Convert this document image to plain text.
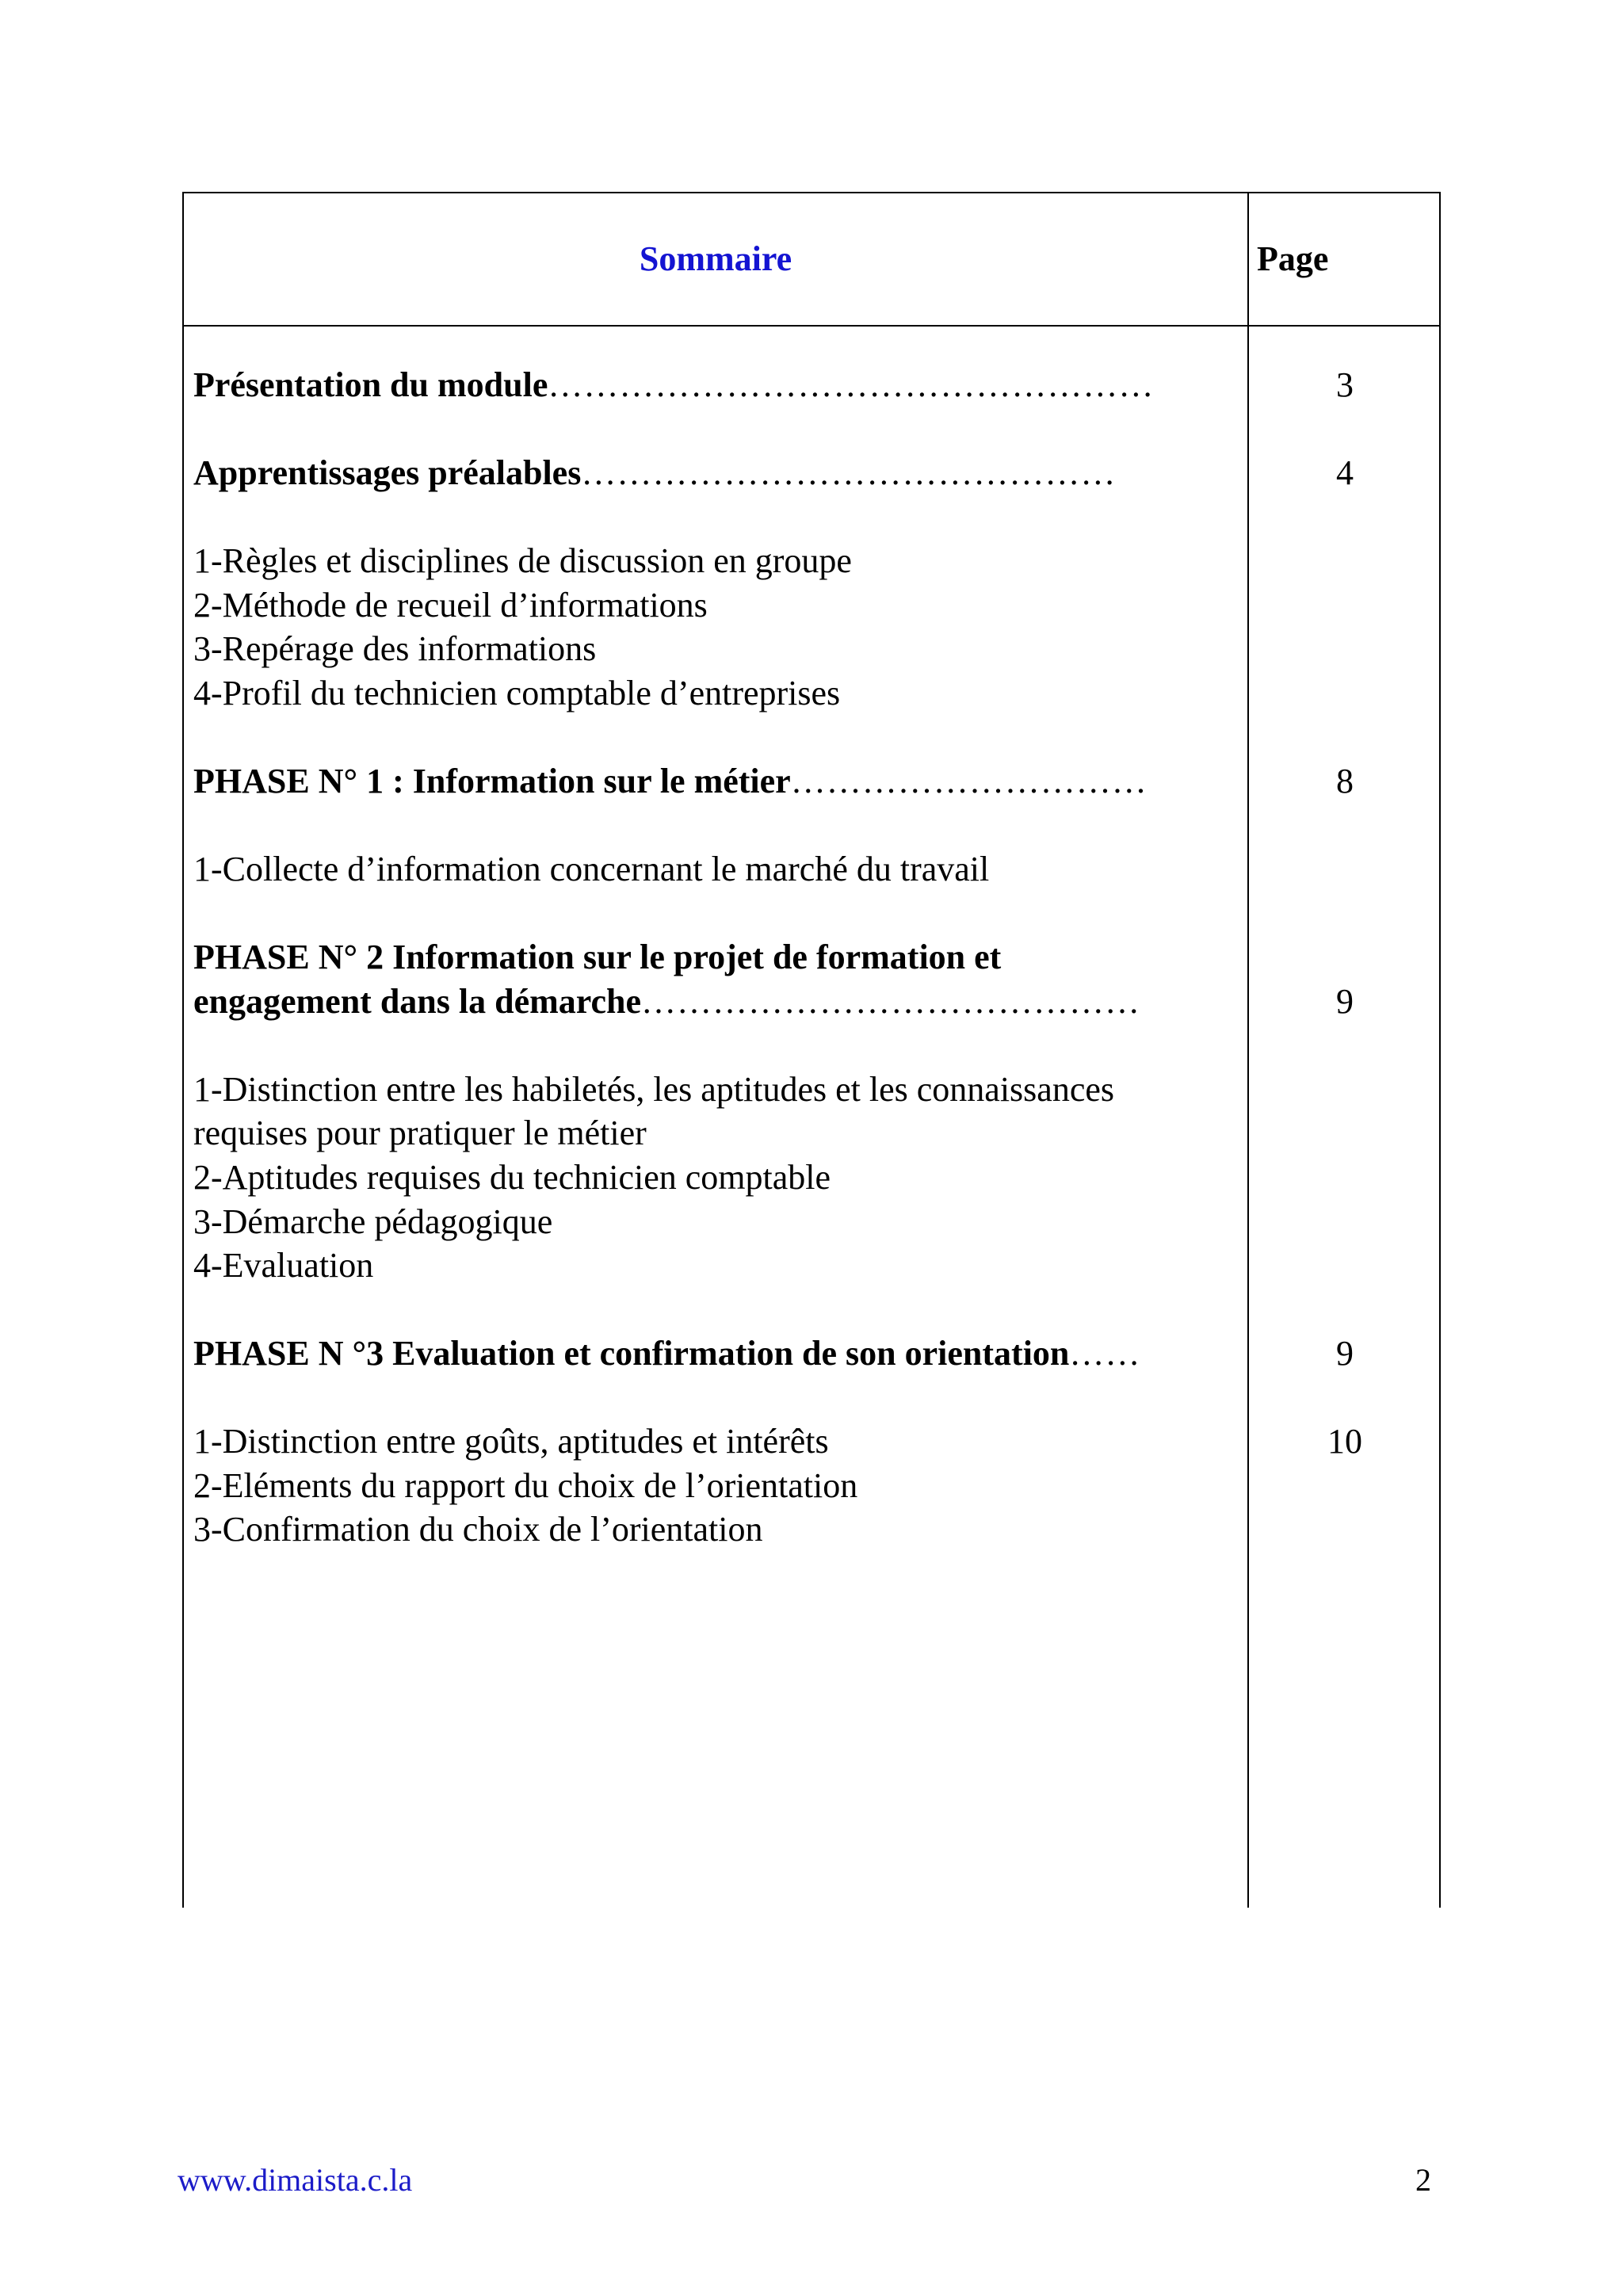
Sommaire	Page
Présentation du module……………………………………………	3
Apprentissages préalables………………………………………	4
1-Règles et disciplines de discussion en groupe
2-Méthode de recueil d’informations
3-Repérage des informations
4-Profil du technicien comptable d’entreprises
PHASE N° 1 : Information sur le métier…………………………	8
1-Collecte d’information concernant le marché du travail
PHASE N° 2 Information sur le projet de formation et
engagement dans la démarche……………………………………	9
1-Distinction entre les habiletés, les aptitudes et les connaissances
requises pour pratiquer le métier
2-Aptitudes requises du technicien comptable
3-Démarche pédagogique
4-Evaluation
PHASE N °3 Evaluation et confirmation de son orientation……	9
1-Distinction entre goûts, aptitudes et intérêts	10
2-Eléments du rapport du choix de l’orientation
3-Confirmation du choix de l’orientation
www.dimaista.c.la	2
